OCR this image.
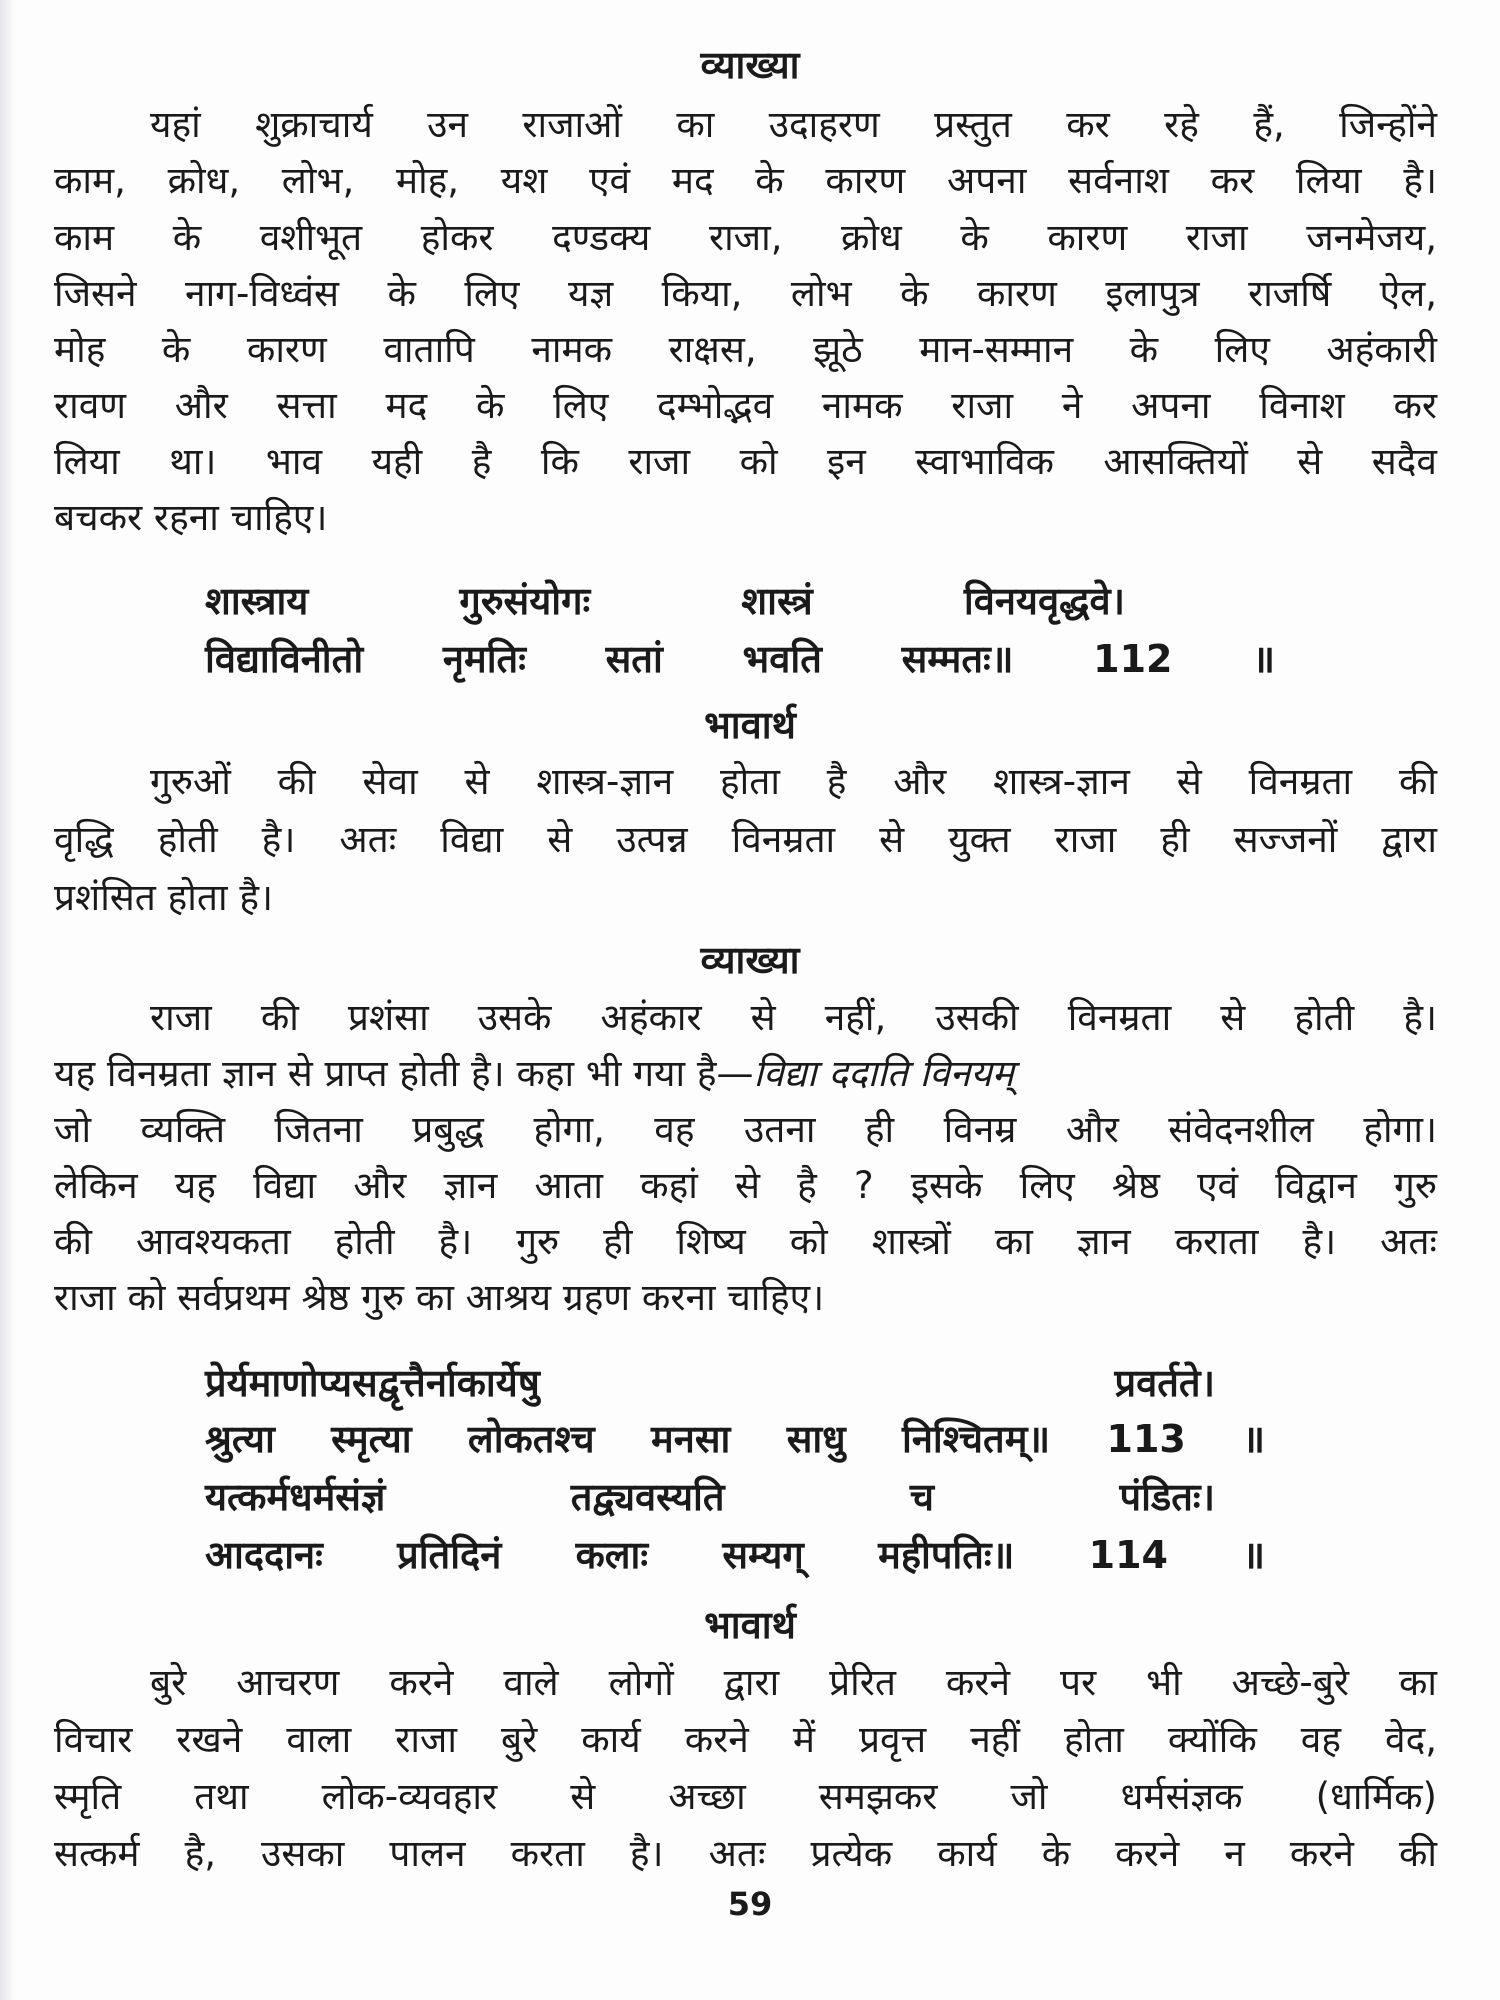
व्याख्या
यहां शुक्राचार्य उन राजाओं का उदाहरण प्रस्तुत कर रहे हैं, जिन्होंने
काम, क्रोध, लोभ, मोह, यश एवं मद के कारण अपना सर्वनाश कर लिया है।
काम के वशीभूत होकर दण्डक्य राजा, क्रोध के कारण राजा जनमेजय,
जिसने नाग-विध्वंस के लिए यज्ञ किया, लोभ के कारण इलापुत्र राजर्षि ऐल,
मोह के कारण वातापि नामक राक्षस, झूठे मान-सम्मान के लिए अहंकारी
रावण और सत्ता मद के लिए दम्भोद्भव नामक राजा ने अपना विनाश कर
लिया था। भाव यही है कि राजा को इन स्वाभाविक आसक्तियों से सदैव
बचकर रहना चाहिए।
शास्त्राय गुरुसंयोगः शास्त्रं विनयवृद्धवे।
विद्याविनीतो नृमतिः सतां भवति सम्मतः॥ 112 ॥
भावार्थ
गुरुओं की सेवा से शास्त्र-ज्ञान होता है और शास्त्र-ज्ञान से विनम्रता की
वृद्धि होती है। अतः विद्या से उत्पन्न विनम्रता से युक्त राजा ही सज्जनों द्वारा
प्रशंसित होता है।
व्याख्या
राजा की प्रशंसा उसके अहंकार से नहीं, उसकी विनम्रता से होती है।
यह विनम्रता ज्ञान से प्राप्त होती है। कहा भी गया है—विद्या ददाति विनयम्
जो व्यक्ति जितना प्रबुद्ध होगा, वह उतना ही विनम्र और संवेदनशील होगा।
लेकिन यह विद्या और ज्ञान आता कहां से है ? इसके लिए श्रेष्ठ एवं विद्वान गुरु
की आवश्यकता होती है। गुरु ही शिष्य को शास्त्रों का ज्ञान कराता है। अतः
राजा को सर्वप्रथम श्रेष्ठ गुरु का आश्रय ग्रहण करना चाहिए।
प्रेर्यमाणोप्यसद्वृत्तैर्नाकार्येषु प्रवर्तते।
श्रुत्या स्मृत्या लोकतश्च मनसा साधु निश्चितम्॥ 113 ॥
यत्कर्मधर्मसंज्ञं तद्व्यवस्यति च पंडितः।
आददानः प्रतिदिनं कलाः सम्यग् महीपतिः॥ 114 ॥
भावार्थ
बुरे आचरण करने वाले लोगों द्वारा प्रेरित करने पर भी अच्छे-बुरे का
विचार रखने वाला राजा बुरे कार्य करने में प्रवृत्त नहीं होता क्योंकि वह वेद,
स्मृति तथा लोक-व्यवहार से अच्छा समझकर जो धर्मसंज्ञक (धार्मिक)
सत्कर्म है, उसका पालन करता है। अतः प्रत्येक कार्य के करने न करने की
59
